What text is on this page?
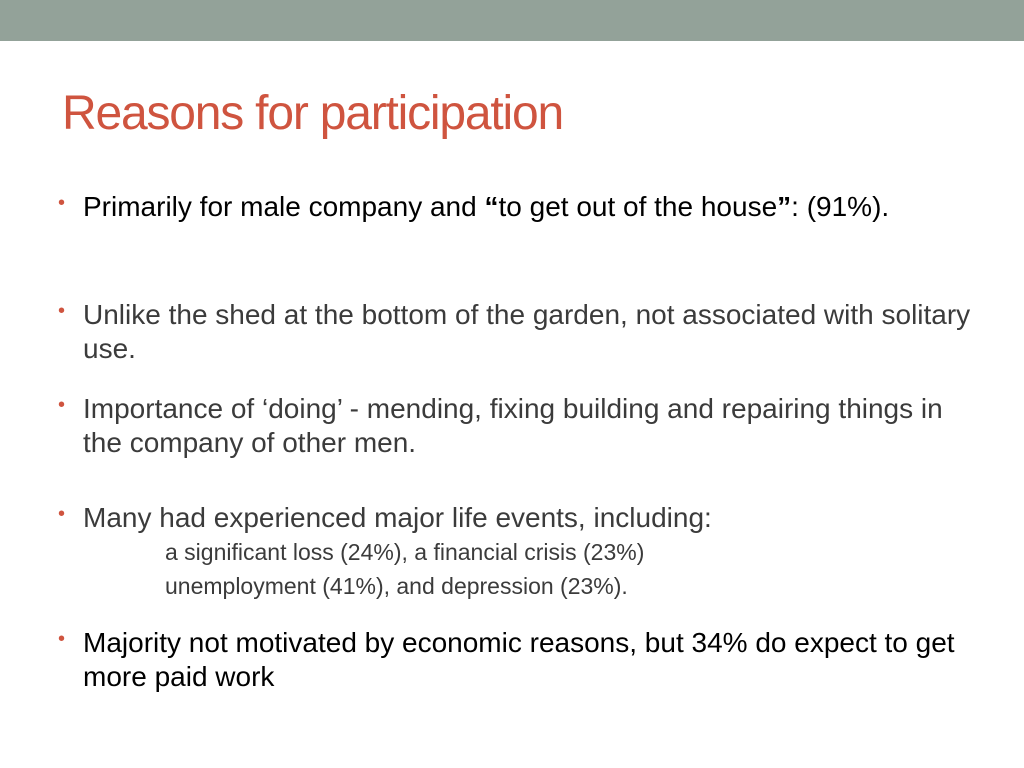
Reasons for participation
• Primarily for male company and “to get out of the house”: (91%).
• Unlike the shed at the bottom of the garden, not associated with solitary use.
• Importance of ‘doing’ - mending, fixing building and repairing things in the company of other men.
• Many had experienced major life events, including:
a significant loss (24%), a financial crisis (23%)
unemployment (41%), and depression (23%).
• Majority not motivated by economic reasons, but 34% do expect to get more paid work
